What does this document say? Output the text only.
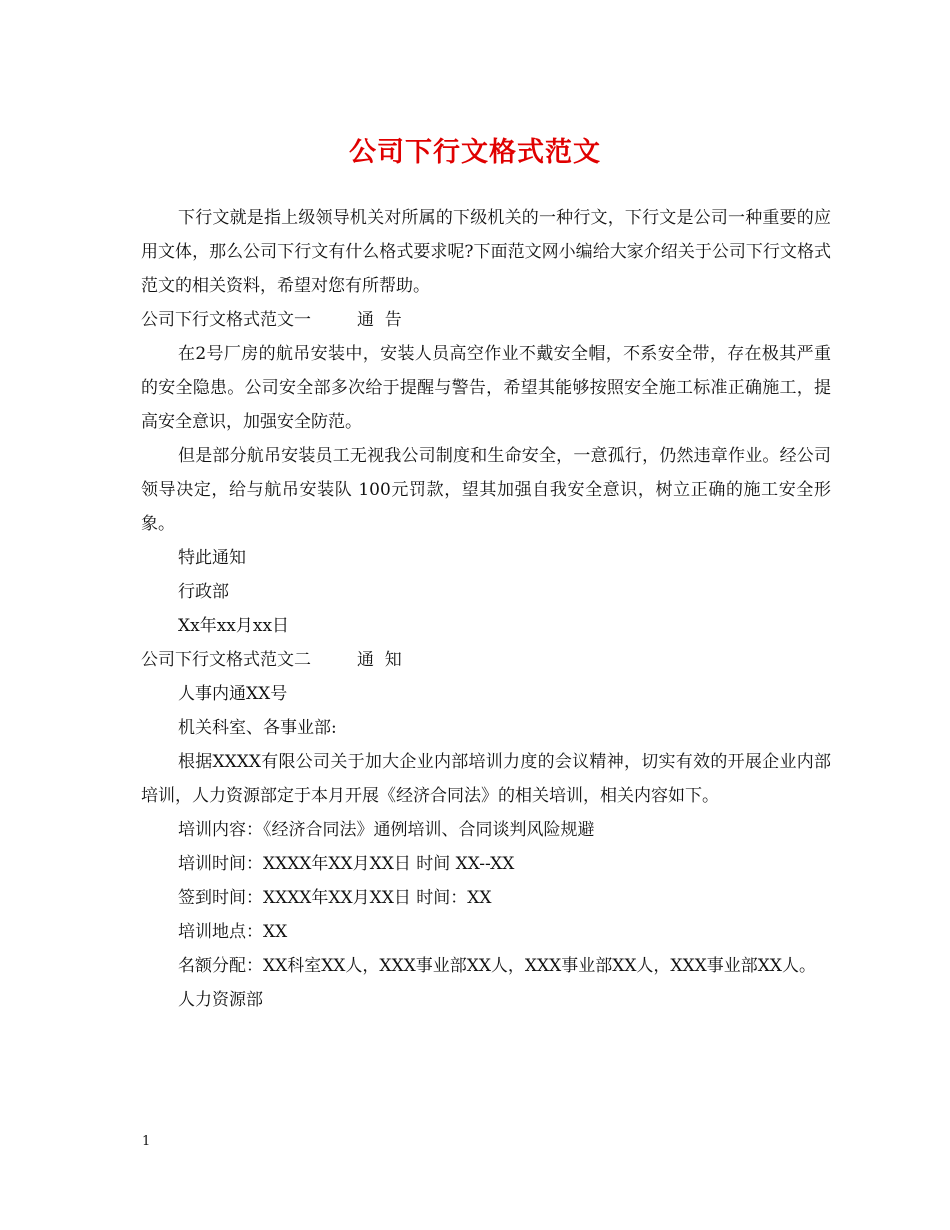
公司下行文格式范文

下行文就是指上级领导机关对所属的下级机关的一种行文，下行文是公司一种重要的应用文体，那么公司下行文有什么格式要求呢?下面范文网小编给大家介绍关于公司下行文格式范文的相关资料，希望对您有所帮助。

公司下行文格式范文一	通  告

在2号厂房的航吊安装中，安装人员高空作业不戴安全帽，不系安全带，存在极其严重的安全隐患。公司安全部多次给于提醒与警告，希望其能够按照安全施工标准正确施工，提高安全意识，加强安全防范。

但是部分航吊安装员工无视我公司制度和生命安全，一意孤行，仍然违章作业。经公司领导决定，给与航吊安装队 100元罚款，望其加强自我安全意识，树立正确的施工安全形象。

特此通知

行政部

Xx年xx月xx日

公司下行文格式范文二	通  知

人事内通XX号

机关科室、各事业部:

根据XXXX有限公司关于加大企业内部培训力度的会议精神，切实有效的开展企业内部培训，人力资源部定于本月开展《经济合同法》的相关培训，相关内容如下。

培训内容：《经济合同法》通例培训、合同谈判风险规避

培训时间：XXXX年XX月XX日 时间 XX--XX

签到时间：XXXX年XX月XX日 时间：XX

培训地点：XX

名额分配：XX科室XX人，XXX事业部XX人，XXX事业部XX人，XXX事业部XX人。

人力资源部

1
